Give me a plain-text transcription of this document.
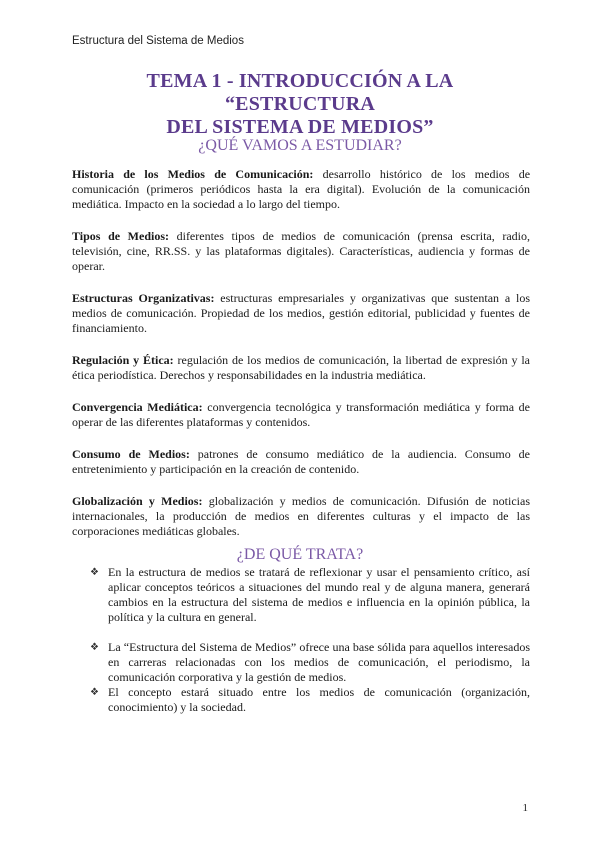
Estructura del Sistema de Medios
TEMA 1 - INTRODUCCIÓN A LA “ESTRUCTURA
DEL SISTEMA DE MEDIOS”
¿QUÉ VAMOS A ESTUDIAR?

Historia de los Medios de Comunicación: desarrollo histórico de los medios de comunicación (primeros periódicos hasta la era digital). Evolución de la comunicación mediática. Impacto en la sociedad a lo largo del tiempo.

Tipos de Medios: diferentes tipos de medios de comunicación (prensa escrita, radio, televisión, cine, RR.SS. y las plataformas digitales). Características, audiencia y formas de operar.

Estructuras Organizativas: estructuras empresariales y organizativas que sustentan a los medios de comunicación. Propiedad de los medios, gestión editorial, publicidad y fuentes de financiamiento.

Regulación y Ética: regulación de los medios de comunicación, la libertad de expresión y la ética periodística. Derechos y responsabilidades en la industria mediática.

Convergencia Mediática: convergencia tecnológica y transformación mediática y forma de operar de las diferentes plataformas y contenidos.

Consumo de Medios: patrones de consumo mediático de la audiencia. Consumo de entretenimiento y participación en la creación de contenido.

Globalización y Medios: globalización y medios de comunicación. Difusión de noticias internacionales, la producción de medios en diferentes culturas y el impacto de las corporaciones mediáticas globales.

¿DE QUÉ TRATA?
❖ En la estructura de medios se tratará de reflexionar y usar el pensamiento crítico, así aplicar conceptos teóricos a situaciones del mundo real y de alguna manera, generará cambios en la estructura del sistema de medios e influencia en la opinión pública, la política y la cultura en general.
❖ La “Estructura del Sistema de Medios” ofrece una base sólida para aquellos interesados en carreras relacionadas con los medios de comunicación, el periodismo, la comunicación corporativa y la gestión de medios.
❖ El concepto estará situado entre los medios de comunicación (organización, conocimiento) y la sociedad.
1
